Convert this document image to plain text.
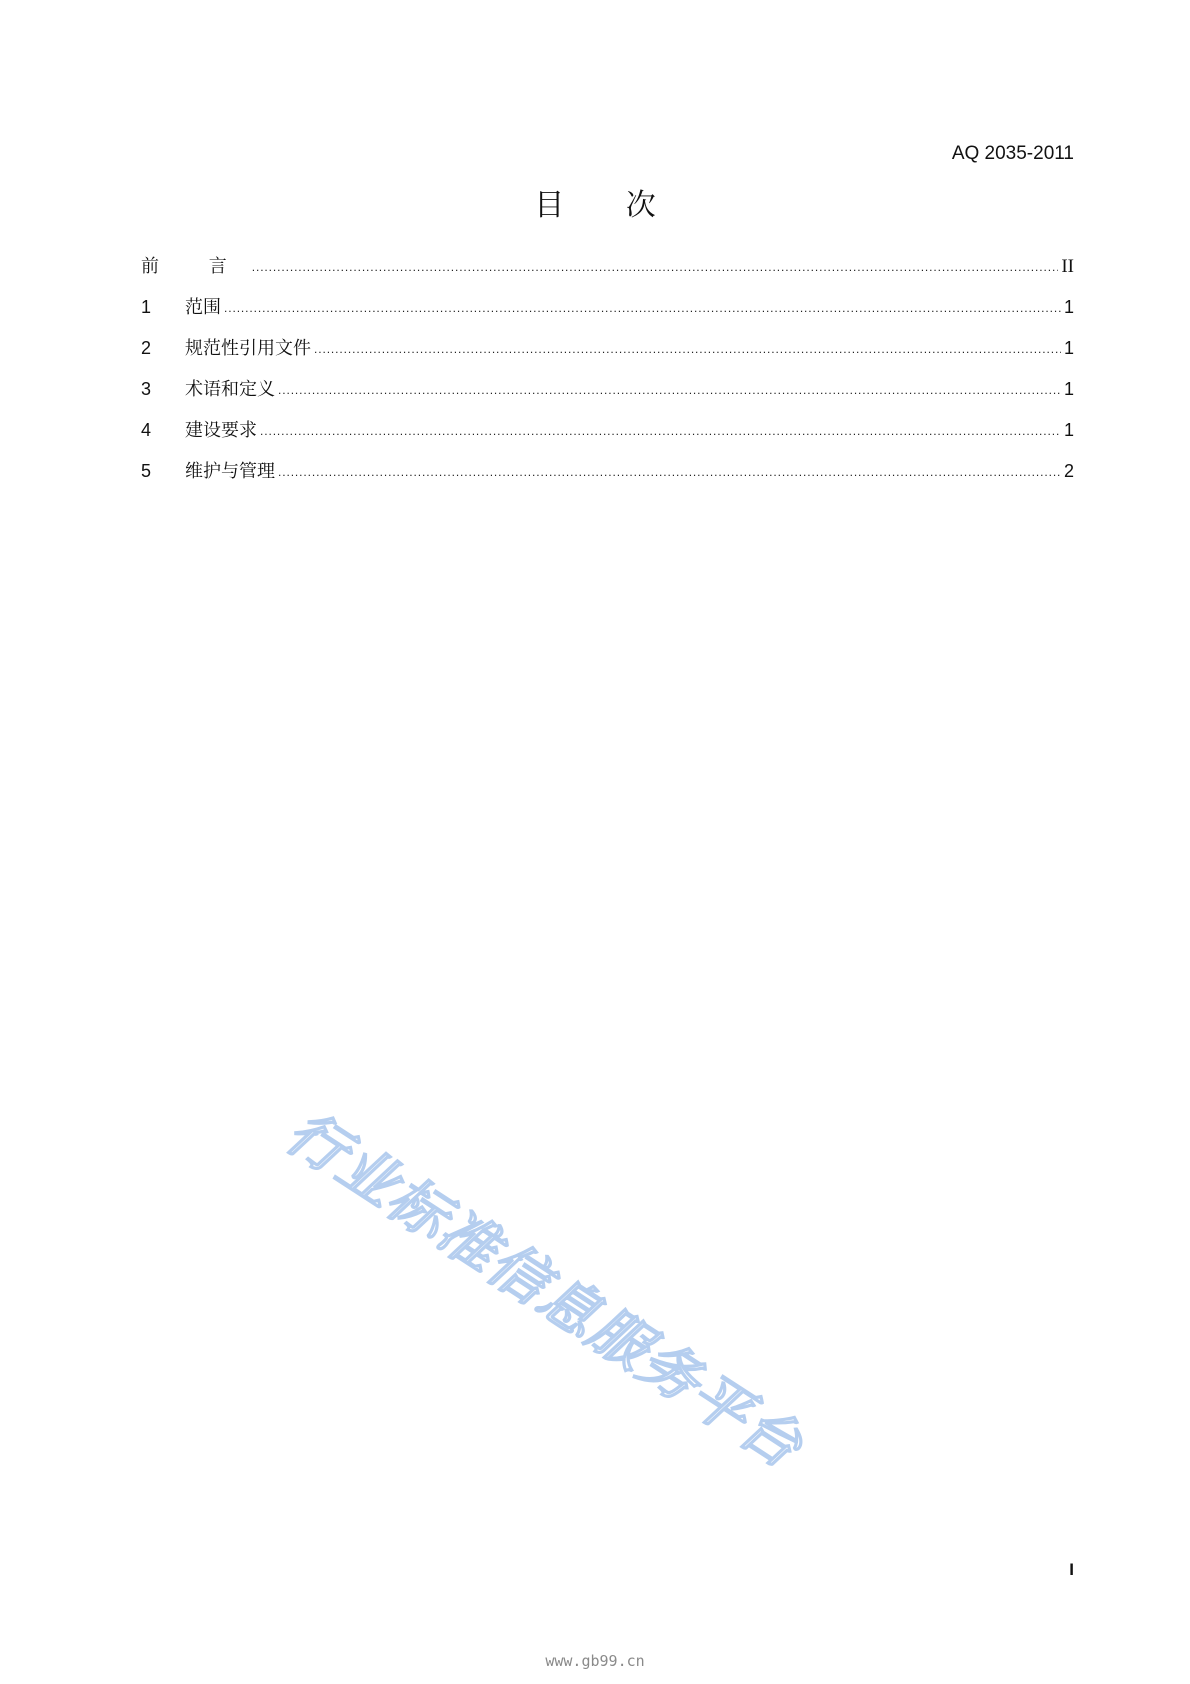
AQ 2035-2011
目 次
前 言 .....	II
1	范围 .....	1
2	规范性引用文件 .....	1
3	术语和定义 .....	1
4	建设要求 .....	1
5	维护与管理 .....	2
行业标准信息服务平台
I
www.gb99.cn
